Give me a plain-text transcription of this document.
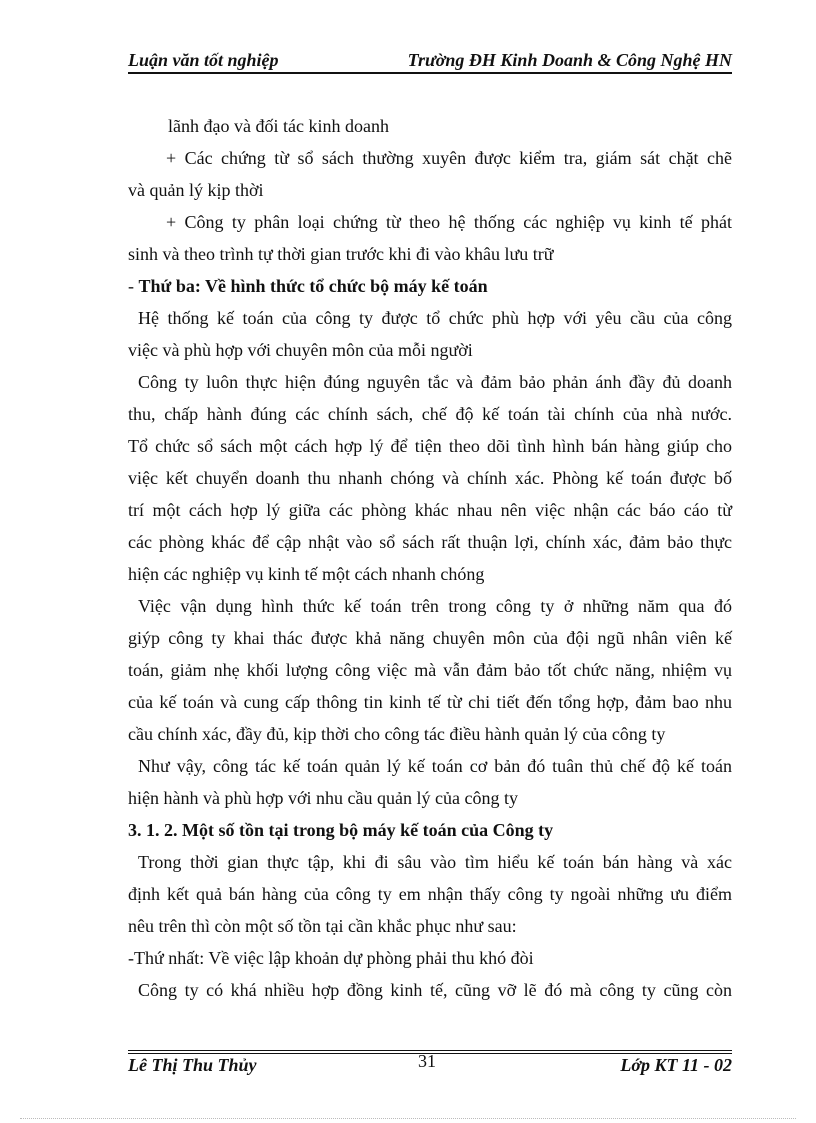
Luận văn tốt nghiệp	Trường ĐH Kinh Doanh & Công Nghệ HN
lãnh đạo và đối tác kinh doanh
+ Các chứng từ sổ sách thường xuyên được kiểm tra, giám sát chặt chẽ
và quản lý kịp thời
+ Công ty phân loại chứng từ theo hệ thống các nghiệp vụ kinh tế phát
sinh và theo trình tự thời gian trước khi đi vào khâu lưu trữ
- Thứ ba: Về hình thức tổ chức bộ máy kế toán
Hệ thống kế toán của công ty được tổ chức phù hợp với yêu cầu của công
việc và phù hợp với chuyên môn của mỗi người
Công ty luôn thực hiện đúng nguyên tắc và đảm bảo phản ánh đầy đủ doanh
thu, chấp hành đúng các chính sách, chế độ kế toán tài chính của nhà nước.
Tổ chức sổ sách một cách hợp lý để tiện theo dõi tình hình bán hàng giúp cho
việc kết chuyển doanh thu nhanh chóng và chính xác. Phòng kế toán được bố
trí một cách hợp lý giữa các phòng khác nhau nên việc nhận các báo cáo từ
các phòng khác để cập nhật vào sổ sách rất thuận lợi, chính xác, đảm bảo thực
hiện các nghiệp vụ kinh tế một cách nhanh chóng
Việc vận dụng hình thức kế toán trên trong công ty ở những năm qua đó
giýp công ty khai thác được khả năng chuyên môn của đội ngũ nhân viên kế
toán, giảm nhẹ khối lượng công việc mà vẫn đảm bảo tốt chức năng, nhiệm vụ
của kế toán và cung cấp thông tin kinh tế từ chi tiết đến tổng hợp, đảm bao nhu
cầu chính xác, đầy đủ, kịp thời cho công tác điều hành quản lý của công ty
Như vậy, công tác kế toán quản lý kế toán cơ bản đó tuân thủ chế độ kế toán
hiện hành và phù hợp với nhu cầu quản lý của công ty
3. 1. 2. Một số tồn tại trong bộ máy kế toán của Công ty
Trong thời gian thực tập, khi đi sâu vào tìm hiểu kế toán bán hàng và xác
định kết quả bán hàng của công ty em nhận thấy công ty ngoài những ưu điểm
nêu trên thì còn một số tồn tại cần khắc phục như sau:
-Thứ nhất: Về việc lập khoản dự phòng phải thu khó đòi
Công ty có khá nhiều hợp đồng kinh tế, cũng vỡ lẽ đó mà công ty cũng còn
Lê Thị Thu Thủy	31	Lớp KT 11 - 02
